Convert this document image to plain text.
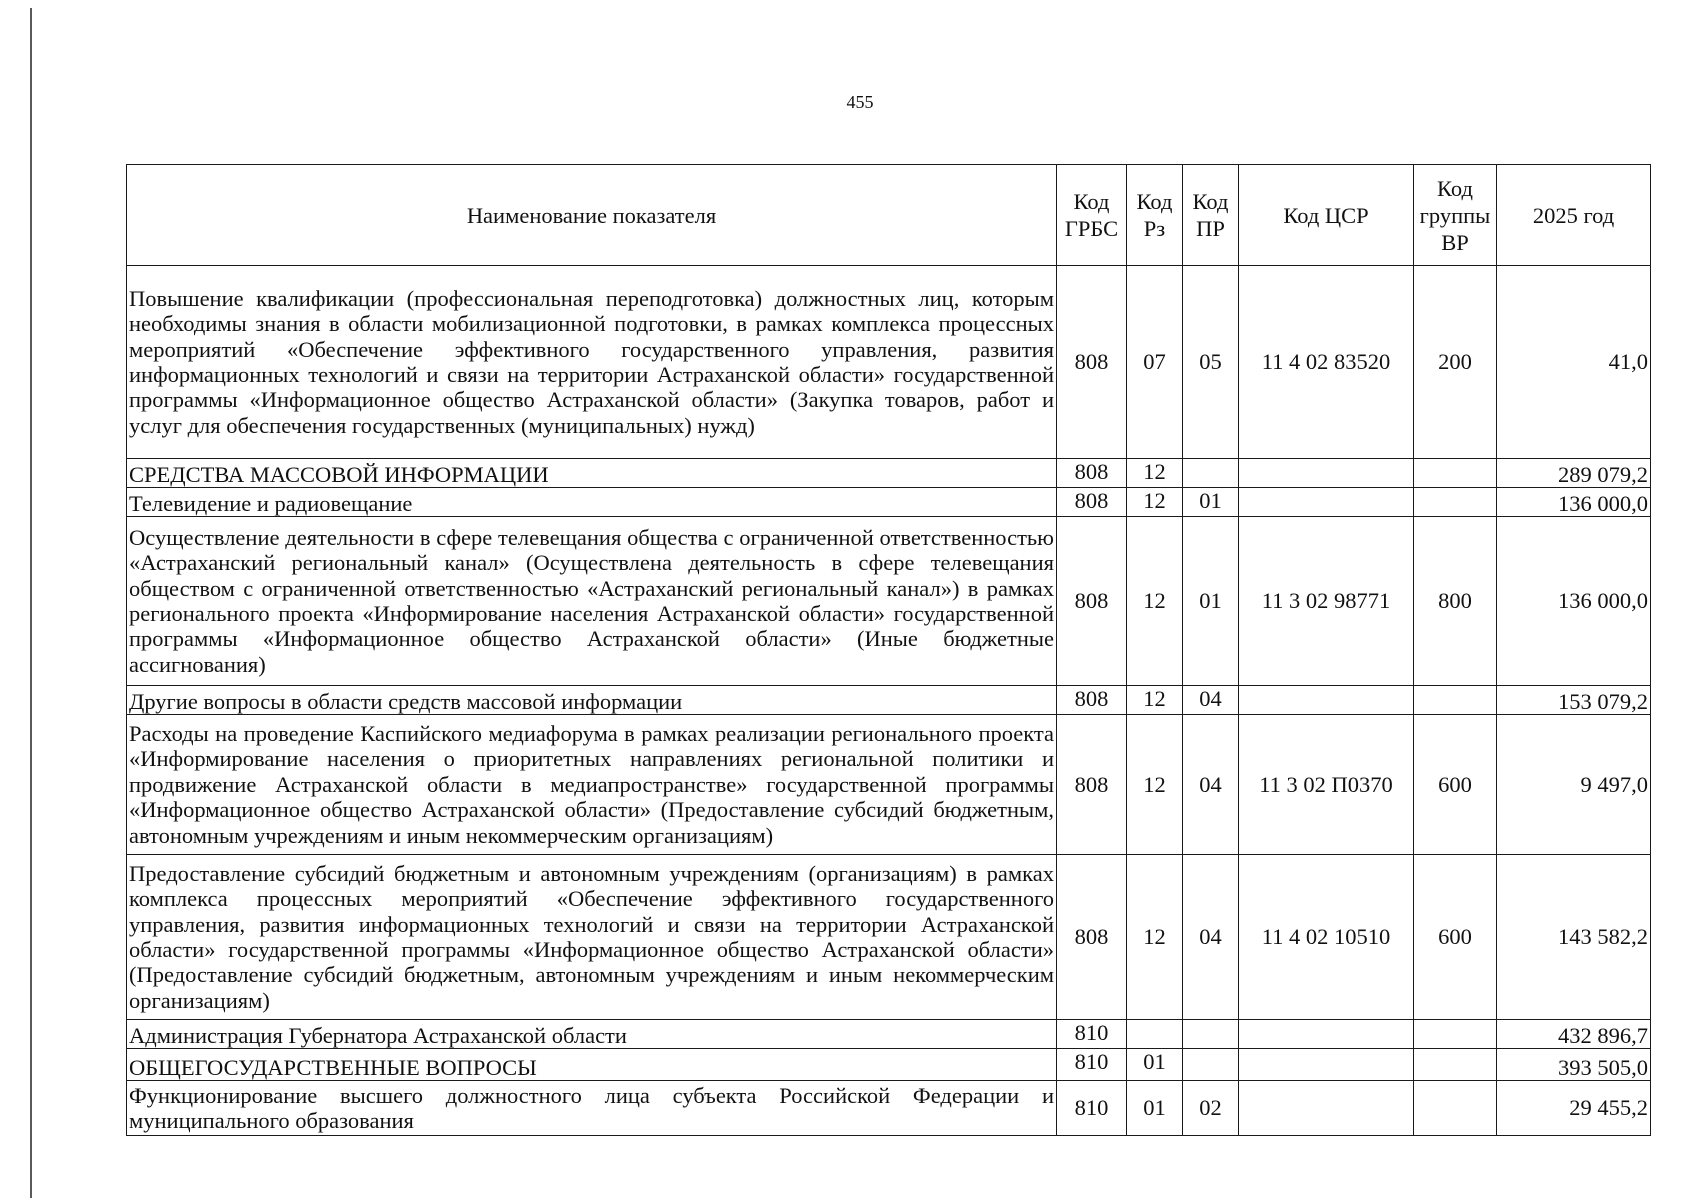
455
Наименование показателя	Код ГРБС	Код Рз	Код ПР	Код ЦСР	Код группы ВР	2025 год
Повышение квалификации (профессиональная переподготовка) должностных лиц, которым необходимы знания в области мобилизационной подготовки, в рамках комплекса процессных мероприятий «Обеспечение эффективного государственного управления, развития информационных технологий и связи на территории Астраханской области» государственной программы «Информационное общество Астраханской области» (Закупка товаров, работ и услуг для обеспечения государственных (муниципальных) нужд)	808	07	05	11 4 02 83520	200	41,0
СРЕДСТВА МАССОВОЙ ИНФОРМАЦИИ	808	12				289 079,2
Телевидение и радиовещание	808	12	01			136 000,0
Осуществление деятельности в сфере телевещания общества с ограниченной ответственностью «Астраханский региональный канал» (Осуществлена деятельность в сфере телевещания обществом с ограниченной ответственностью «Астраханский региональный канал») в рамках регионального проекта «Информирование населения Астраханской области» государственной программы «Информационное общество Астраханской области» (Иные бюджетные ассигнования)	808	12	01	11 3 02 98771	800	136 000,0
Другие вопросы в области средств массовой информации	808	12	04			153 079,2
Расходы на проведение Каспийского медиафорума в рамках реализации регионального проекта «Информирование населения о приоритетных направлениях региональной политики и продвижение Астраханской области в медиапространстве» государственной программы «Информационное общество Астраханской области» (Предоставление субсидий бюджетным, автономным учреждениям и иным некоммерческим организациям)	808	12	04	11 3 02 П0370	600	9 497,0
Предоставление субсидий бюджетным и автономным учреждениям (организациям) в рамках комплекса процессных мероприятий «Обеспечение эффективного государственного управления, развития информационных технологий и связи на территории Астраханской области» государственной программы «Информационное общество Астраханской области» (Предоставление субсидий бюджетным, автономным учреждениям и иным некоммерческим организациям)	808	12	04	11 4 02 10510	600	143 582,2
Администрация Губернатора Астраханской области	810					432 896,7
ОБЩЕГОСУДАРСТВЕННЫЕ ВОПРОСЫ	810	01				393 505,0
Функционирование высшего должностного лица субъекта Российской Федерации и муниципального образования	810	01	02			29 455,2
